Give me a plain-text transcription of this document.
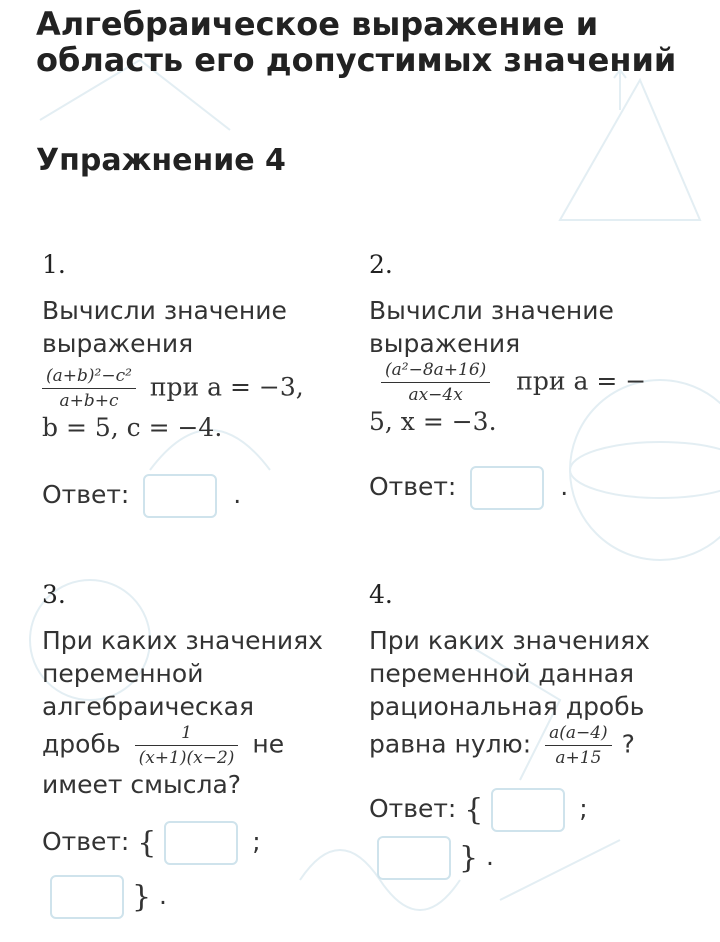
Алгебраическое выражение и область его допустимых значений
Упражнение 4
1.
Вычисли значение выражения
$\frac{\text{(a+b)²−c²}}{a+b+c}$ при a = −3,
b = 5, c = −4.
Ответ:	.
2.
Вычисли значение выражения
$\frac{\text{(a²−8a+16)}}{ax-4x}$ при a = −
5, x = −3.
Ответ:	.
3.
При каких значениях переменной алгебраическая
дробь $\frac{1}{(x+1)(x-2)}$ не
имеет смысла?
Ответ: {	;
} .
4.
При каких значениях переменной данная рациональная дробь
равна нулю: $\frac{a(a-4)}{a+15}$ ?
Ответ: {	;
} .
